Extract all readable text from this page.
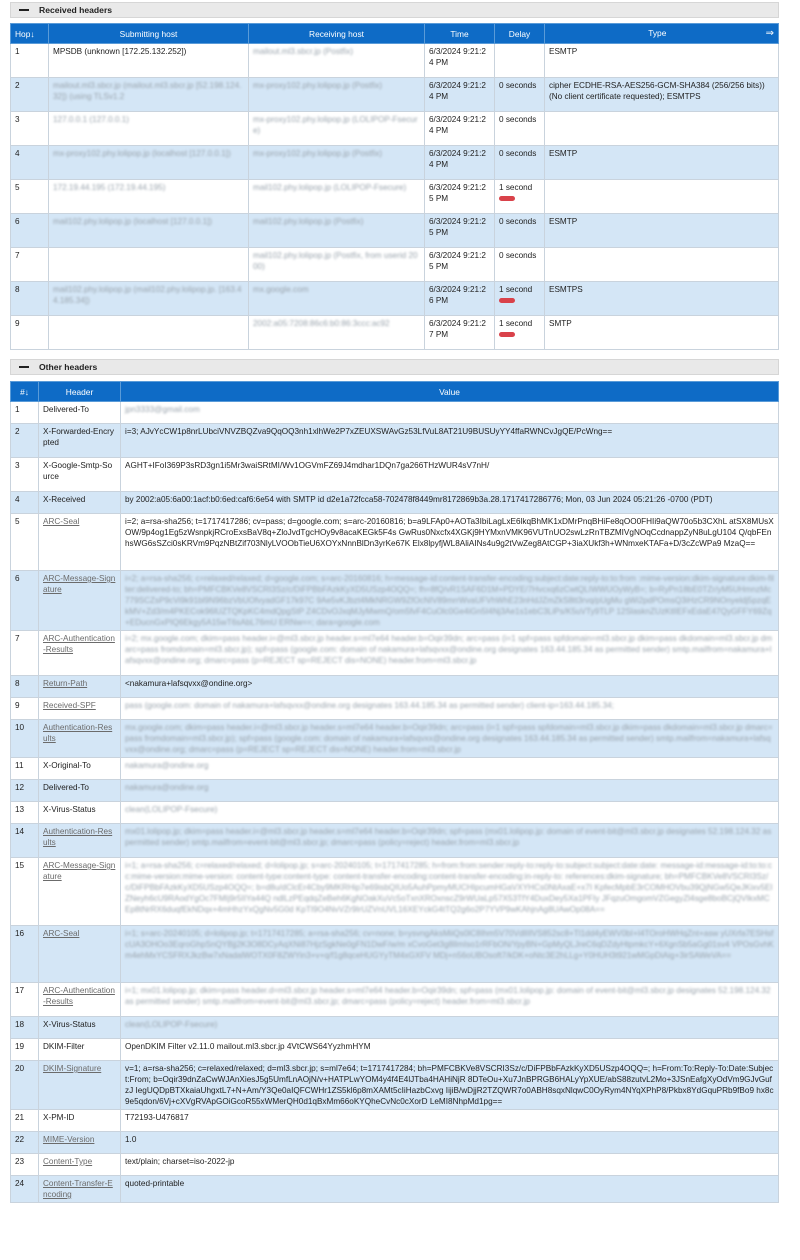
Received headers
Hop↓	Submitting host	Receiving host	Time	Delay	Type ⇒

1	MPSDB (unknown [172.25.132.252])	mailout.ml3.sbcr.jp (Postfix)	6/3/2024 9:21:24 PM		ESMTP
2	mailout.ml3.sbcr.jp (mailout.ml3.sbcr.jp [52.198.124.32]) (using TLSv1.2	mx-proxy102.phy.lolipop.jp (Postfix)	6/3/2024 9:21:24 PM	0 seconds	cipher ECDHE-RSA-AES256-GCM-SHA384 (256/256 bits)) (No client certificate requested); ESMTPS
3	127.0.0.1 (127.0.0.1)	mx-proxy102.phy.lolipop.jp (LOLIPOP-Fsecure)	6/3/2024 9:21:24 PM	0 seconds	
4	mx-proxy102.phy.lolipop.jp (localhost [127.0.0.1])	mx-proxy102.phy.lolipop.jp (Postfix)	6/3/2024 9:21:24 PM	0 seconds	ESMTP
5	172.19.44.195 (172.19.44.195)	mail102.phy.lolipop.jp (LOLIPOP-Fsecure)	6/3/2024 9:21:25 PM	1 second

6	mail102.phy.lolipop.jp (localhost [127.0.0.1])	mail102.phy.lolipop.jp (Postfix)	6/3/2024 9:21:25 PM	0 seconds	ESMTP
7		mail102.phy.lolipop.jp (Postfix, from userid 2000)	6/3/2024 9:21:25 PM	0 seconds	
8	mail102.phy.lolipop.jp (mail102.phy.lolipop.jp. [163.44.185.34])	mx.google.com	6/3/2024 9:21:26 PM	1 second	ESMTPS
9		2002:a05:7208:86c6:b0:86:3ccc:ac92	6/3/2024 9:21:27 PM	1 second	SMTP
Other headers
#↓	Header	Value
1	Delivered-To	jpn3333@gmail.com
2	X-Forwarded-Encrypted	i=3; AJvYcCW1p8nrLUbciVNVZBQZva9QqOQ3nh1xlhWe2P7xZEUXSWAvGz53LfVuL8AT21U9BUSUyYY4ffaRWNCvJgQE/PcWng==
3	X-Google-Smtp-Source	AGHT+IFoI369P3sRD3gn1i5Mr3waiSRtMI/Wv1OGVmFZ69J4mdhar1DQn7ga266THzWUR4sV7nH/
4	X-Received	by 2002:a05:6a00:1acf:b0:6ed:caf6:6e54 with SMTP id d2e1a72fcca58-702478f8449mr8172869b3a.28.1717417286776; Mon, 03 Jun 2024 05:21:26 -0700 (PDT)
5	ARC-Seal	i=2; a=rsa-sha256; t=1717417286; cv=pass; d=google.com; s=arc-20160816; b=a9LFAp0+AOTa3IbiLagLxE6lkqBhMK1xDMrPnqBHiFe8qOO0FHIi9aQW70o5b3CXhL atSX8MUsXOW/9p4og1Eg5zWsnpkjRCroExsBaV8q+ZloJvdTgcHOy9v8acaKEGk5F4s GwRus0Nxcfx4XGKj9HYMxnVMK96VUTnUO2swLzRnTBZMIVgNOqCcdnappZyN8uLgU104 Q/qbFEnhsWG6sSZci0sKRVm9PqzNBtZif703NlyLVOObTieU6XOYxNnnBlDn3yrKe67K Elx8lpyfjWL8AliAINs4u9g2tVwZeg8AtCGP+3iaXUkf3h+WNmxeKTAFa+D/3cZcWPa9 MzaQ==
6	ARC-Message-Signature	i=2; a=rsa-sha256; c=relaxed/relaxed; d=google.com; s=arc-20160816; h=message-id:content-transfer-encoding:subject:date:reply-to:to:from :mime-version:dkim-signature:dkim-filter:delivered-to; bh=PMFCBKVe8VSCRI3Sz/c/DiFPBbFAzkKyXD5USzp4OQQ=; fh=8fQ/vR1SAF6D1M+PDYE/7Hvcxq6zCwtQLIWWUOyWyB=; b=RyPn18bE0TZr/yM5UHmnzMc779SCZsP9cVi9k91bl9N96bzVbUOfvyadGF17k97C 9Ae5vKJbzt4MkNRGW9ZfOcNIV89mrrWvaUFVhWhE23nHdJZmZkS8tt3rvq/pUgMu gWi2pdPOmsQ3iHzCR9NOnyeldj5pzqEkMV+Zd3/m4PKECok96lUZTQKpKC4mdQpgStP Z4CDvOJxqMJyMwmQ/om5fvF4CuOlc0Ge4iGn5I4Nj3Ae1s1ebC3LiPs/K5uVTy9TLP 12SlasknZUzKtlIEFxEdaE47QyGFFY69Zq+EDucnGxPIQ6Ekgy5A15wT6sAbL76mU ERNw==; dara=google.com
7	ARC-Authentication-Results	i=2; mx.google.com; dkim=pass header.i=@ml3.sbcr.jp header.s=ml7e64 header.b=Oqir39dn; arc=pass (i=1 spf=pass spfdomain=ml3.sbcr.jp dkim=pass dkdomain=ml3.sbcr.jp dmarc=pass fromdomain=ml3.sbcr.jp); spf=pass (google.com: domain of nakamura+lafsqvxx@ondine.org designates 163.44.185.34 as permitted sender) smtp.mailfrom=nakamura+lafsqvxx@ondine.org; dmarc=pass (p=REJECT sp=REJECT dis=NONE) header.from=ml3.sbcr.jp
8	Return-Path	<nakamura+lafsqvxx@ondine.org>
9	Received-SPF	pass (google.com: domain of nakamura+lafsqvxx@ondine.org designates 163.44.185.34 as permitted sender) client-ip=163.44.185.34;
10	Authentication-Results	mx.google.com; dkim=pass header.i=@ml3.sbcr.jp header.s=ml7e64 header.b=Oqir39dn; arc=pass (i=1 spf=pass spfdomain=ml3.sbcr.jp dkim=pass dkdomain=ml3.sbcr.jp dmarc=pass fromdomain=ml3.sbcr.jp); spf=pass (google.com: domain of nakamura+lafsqvxx@ondine.org designates 163.44.185.34 as permitted sender) smtp.mailfrom=nakamura+lafsqvxx@ondine.org; dmarc=pass (p=REJECT sp=REJECT dis=NONE) header.from=ml3.sbcr.jp
11	X-Original-To	nakamura@ondine.org
12	Delivered-To	nakamura@ondine.org
13	X-Virus-Status	clean(LOLIPOP-Fsecure)
14	Authentication-Results	mx01.lolipop.jp; dkim=pass header.i=@ml3.sbcr.jp header.s=ml7e64 header.b=Oqir39dn; spf=pass (mx01.lolipop.jp: domain of event-bit@ml3.sbcr.jp designates 52.198.124.32 as permitted sender) smtp.mailfrom=event-bit@ml3.sbcr.jp; dmarc=pass (policy=reject) header.from=ml3.sbcr.jp
15	ARC-Message-Signature	i=1; a=rsa-sha256; c=relaxed/relaxed; d=lolipop.jp; s=arc-20240105; t=1717417285; h=from:from:sender:reply-to:reply-to:subject:subject:date:date: message-id:message-id:to:to:cc:mime-version:mime-version: content-type:content-type: content-transfer-encoding:content-transfer-encoding:in-reply-to: references:dkim-signature; bh=PMFCBKVe8VSCRI3Sz/c/DiFPBbFAzkKyXD5USzp4OQQ=; b=d8u/dClcEr4Cby9MKRHip7e69isbQIUo5AuhPpmyMUCHIpcumHGaVXYHCs0NtAxaE+x7I KpfecMpbE3rCOMHOVbu39QjNGw5QeJKixv5ElZNeyh6cU9RAodYgOc7FMIj9r5IIYa44Q ndlLzPEqdqZeBeh6KgNOakXuVc5oTxnXROxnscZ9rWUaLp57X53TfY4DuxDey5Xa1PFIy JFqzuOmgomVZGegyZl4sge8boBCjQVIkxMCEp8tNrRX6duqfEkNDqx+4mHhzYxQgNv5G0d KpTI9O4NvVZr9IrUZVnUVL16XEYckG4tTQ2g6o2P7YVP9wKAhjnAg8UAwOp08A==
16	ARC-Seal	i=1; s=arc-20240105; d=lolipop.jp; t=1717417285; a=rsa-sha256; cv=none; b=ysvngAksMiiQs0lC8Ihm5V70VdlIIlVS852sc8+Tl1dd4yEWV0bI+I4TOroHWHqZnt+asw yUXrfa7ESHsfcUA3OHOo3EqroGhpSnQYBjj2K3O8DCyAqXNi87HjzSgkNe0gFN1DwF/w/m xCvoGet3g8lImIso1rRFbON/YpyBN+GpMyQLJreC6qDZdyHtpmkcY+6XgnSb5aGg01sv4 VPOsGvhKm4ehMxYCSFRXJkzBw7xNadalWOTX0F8ZWYin3+v+q/f1g8qceHUGYyTM4xGXFV MDj+n56oUBOsoft7/kDK+oNtc3E2hLLg+Y0HUH3t921wMGpDiAig+3irSAWeVA==
17	ARC-Authentication-Results	i=1; mx01.lolipop.jp; dkim=pass header.d=ml3.sbcr.jp header.s=ml7e64 header.b=Oqir39dn; spf=pass (mx01.lolipop.jp: domain of event-bit@ml3.sbcr.jp designates 52.198.124.32 as permitted sender) smtp.mailfrom=event-bit@ml3.sbcr.jp; dmarc=pass (policy=reject) header.from=ml3.sbcr.jp
18	X-Virus-Status	clean(LOLIPOP-Fsecure)
19	DKIM-Filter	OpenDKIM Filter v2.11.0 mailout.ml3.sbcr.jp 4VtCWS64YyzhmHYM
20	DKIM-Signature	v=1; a=rsa-sha256; c=relaxed/relaxed; d=ml3.sbcr.jp; s=ml7e64; t=1717417284; bh=PMFCBKVe8VSCRI3Sz/c/DiFPBbFAzkKyXD5USzp4OQQ=; h=From:To:Reply-To:Date:Subject:From; b=Oqir39dnZaCwWJAnXiesJ5g5UmfLnAOjN/v+HATPLwYOM4y4f4E4lJTba4HAHiNjR 8DTeOu+Xu7JnBPRGB6HALyYpXUE/abS88zutvL2Mo+3JSnEafgXyOdVm9GJvGufzJ IegUQDpBTXkaiaUhgxtL7+N+Am/Y3Qe0aIQFCWHr1ZS5kl6p8mXAMt5cIiHazbCxvg IijiB/wDjjR2TZQWR7o0ABH8sqxNlqwC0OyRym4NYqXPhP8/Pkbx8YdGquPRb9fBo9 hx8c9e5qdon/6Vj+cXVgRVApGOiGcoR55xWMerQH0d1qBxMm66oKYQheCvNc0cXorD LeMI8NhpMd1pg==
21	X-PM-ID	T72193-U476817
22	MIME-Version	1.0
23	Content-Type	text/plain; charset=iso-2022-jp
24	Content-Transfer-Encoding	quoted-printable
